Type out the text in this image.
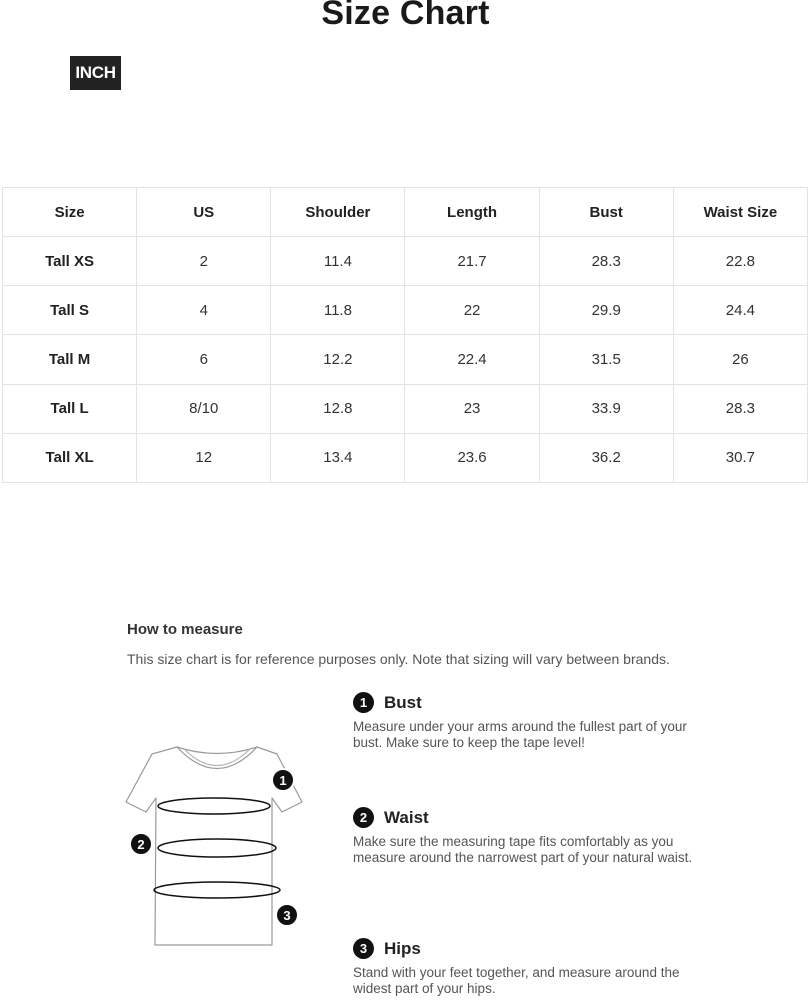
Size Chart
INCH
Size	US	Shoulder	Length	Bust	Waist Size
Tall XS	2	11.4	21.7	28.3	22.8
Tall S	4	11.8	22	29.9	24.4
Tall M	6	12.2	22.4	31.5	26
Tall L	8/10	12.8	23	33.9	28.3
Tall XL	12	13.4	23.6	36.2	30.7
How to measure
This size chart is for reference purposes only. Note that sizing will vary between brands.
1
2
3
1 Bust
Measure under your arms around the fullest part of your bust. Make sure to keep the tape level!
2 Waist
Make sure the measuring tape fits comfortably as you measure around the narrowest part of your natural waist.
3 Hips
Stand with your feet together, and measure around the widest part of your hips.
